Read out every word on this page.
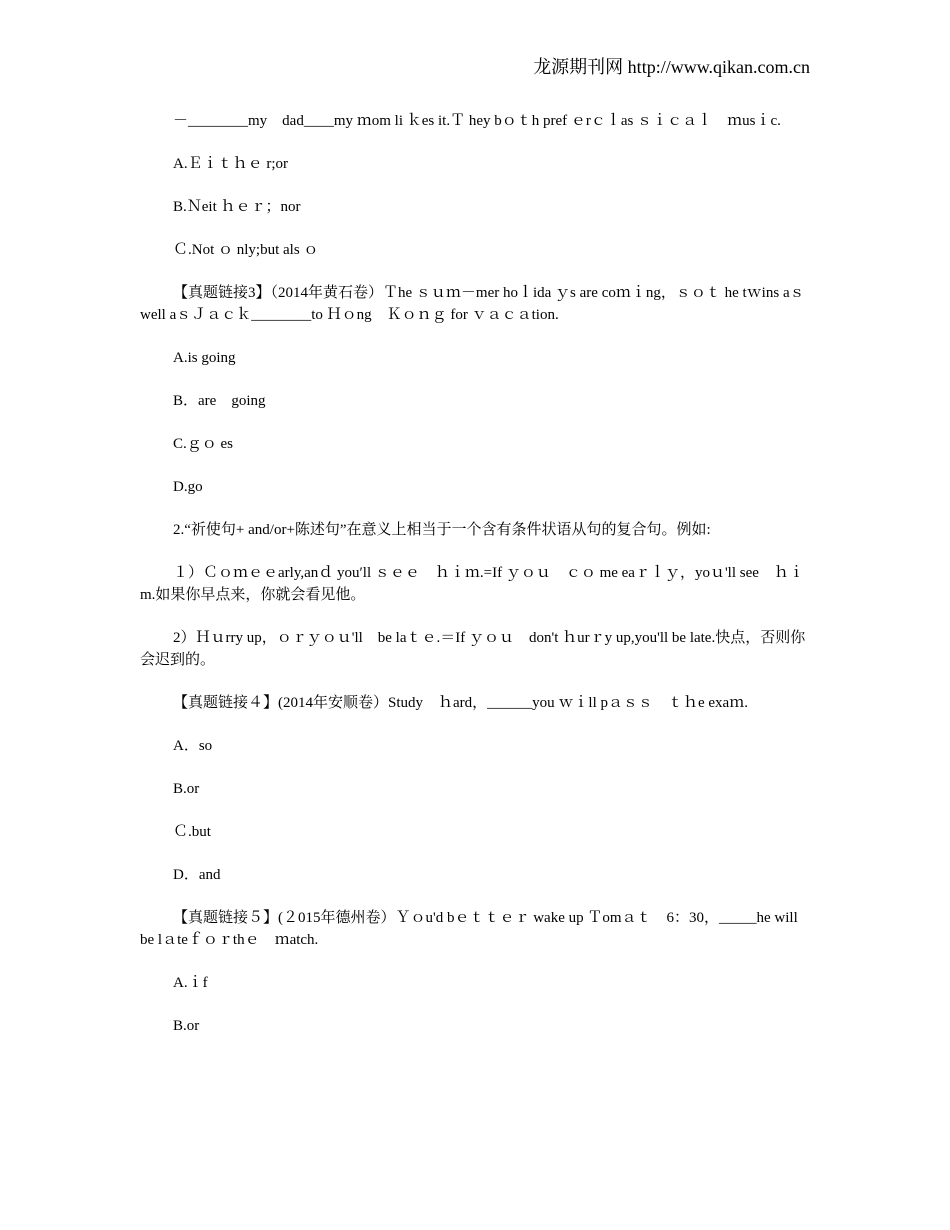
龙源期刊网 http://www.qikan.com.cn

－________my　dad____my ｍom li ｋes it.Ｔ hey bｏｔh pref ｅrｃｌas ｓｉｃａｌ　ｍusｉc.

A.Ｅｉｔｈｅ r;or

B.Ｎeit ｈｅｒ；nor

Ｃ.Not ｏ nly;but als ｏ

【真题链接3】（2014年黄石卷）Ｔhe ｓｕｍ－mer hoｌida ｙs are coｍｉng，ｓｏｔ he tｗins aｓ well aｓＪａｃｋ________to Ｈｏng　Ｋｏｎｇ for ｖａｃａtion.

A.is going

B．are　going

C.ｇｏ es

D.go

2.“祈使句+ and/or+陈述句”在意义上相当于一个含有条件状语从句的复合句。例如:

１）Ｃｏｍｅｅarly,anｄ you′ll ｓｅｅ　ｈｉｍ.=If ｙｏｕ　ｃｏ me eaｒｌｙ，yoｕ'll see　ｈｉm.如果你早点来，你就会看见他。

2）Ｈｕrry up，ｏｒｙｏｕ'll　be laｔｅ.＝If ｙｏｕ　don't ｈurｒy up,you'll be late.快点，否则你会迟到的。

【真题链接４】(2014年安顺卷）Study　ｈard，______you ｗｉll pａｓｓ　ｔｈe exaｍ.

A．so

B.or

Ｃ.but

D．and

【真题链接５】(２015年德州卷）Ｙｏu'd bｅｔｔｅｒ wake up Ｔomａｔ　6：30，_____he will　be lａteｆｏｒthｅ　ｍatch.

A.ｉf

B.or
